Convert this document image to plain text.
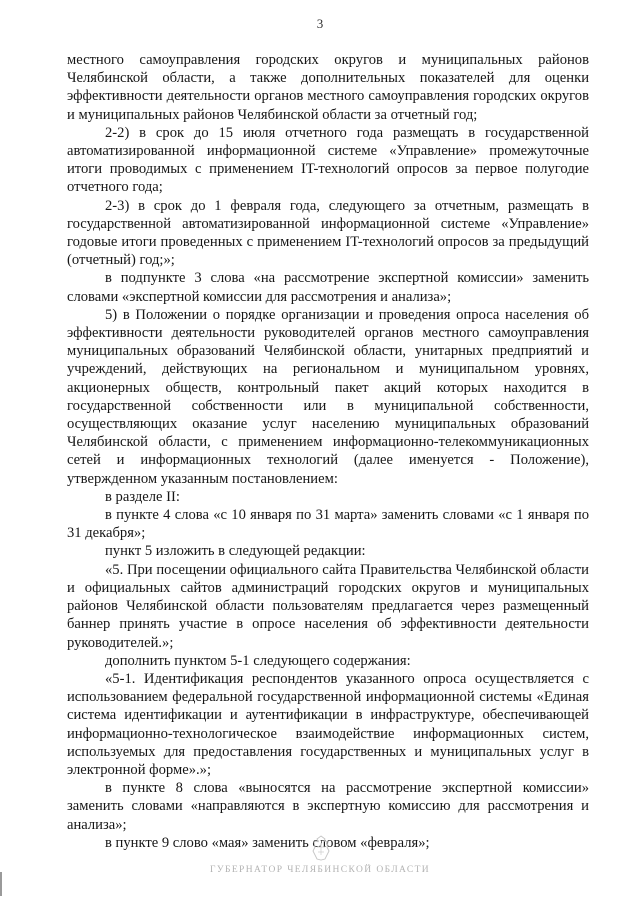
3

местного самоуправления городских округов и муниципальных районов Челябинской области, а также дополнительных показателей для оценки эффективности деятельности органов местного самоуправления городских округов и муниципальных районов Челябинской области за отчетный год;

2-2) в срок до 15 июля отчетного года размещать в государственной автоматизированной информационной системе «Управление» промежуточные итоги проводимых с применением IT-технологий опросов за первое полугодие отчетного года;

2-3) в срок до 1 февраля года, следующего за отчетным, размещать в государственной автоматизированной информационной системе «Управление» годовые итоги проведенных с применением IT-технологий опросов за предыдущий (отчетный) год;»;

в подпункте 3 слова «на рассмотрение экспертной комиссии» заменить словами «экспертной комиссии для рассмотрения и анализа»;

5) в Положении о порядке организации и проведения опроса населения об эффективности деятельности руководителей органов местного самоуправления муниципальных образований Челябинской области, унитарных предприятий и учреждений, действующих на региональном и муниципальном уровнях, акционерных обществ, контрольный пакет акций которых находится в государственной собственности или в муниципальной собственности, осуществляющих оказание услуг населению муниципальных образований Челябинской области, с применением информационно-телекоммуникационных сетей и информационных технологий (далее именуется - Положение), утвержденном указанным постановлением:

в разделе II:

в пункте 4 слова «с 10 января по 31 марта» заменить словами «с 1 января по 31 декабря»;

пункт 5 изложить в следующей редакции:

«5. При посещении официального сайта Правительства Челябинской области и официальных сайтов администраций городских округов и муниципальных районов Челябинской области пользователям предлагается через размещенный баннер принять участие в опросе населения об эффективности деятельности руководителей.»;

дополнить пунктом 5-1 следующего содержания:

«5-1. Идентификация респондентов указанного опроса осуществляется с использованием федеральной государственной информационной системы «Единая система идентификации и аутентификации в инфраструктуре, обеспечивающей информационно-технологическое взаимодействие информационных систем, используемых для предоставления государственных и муниципальных услуг в электронной форме».»;

в пункте 8 слова «выносятся на рассмотрение экспертной комиссии» заменить словами «направляются в экспертную комиссию для рассмотрения и анализа»;

в пункте 9 слово «мая» заменить словом «февраля»;

ГУБЕРНАТОР ЧЕЛЯБИНСКОЙ ОБЛАСТИ
